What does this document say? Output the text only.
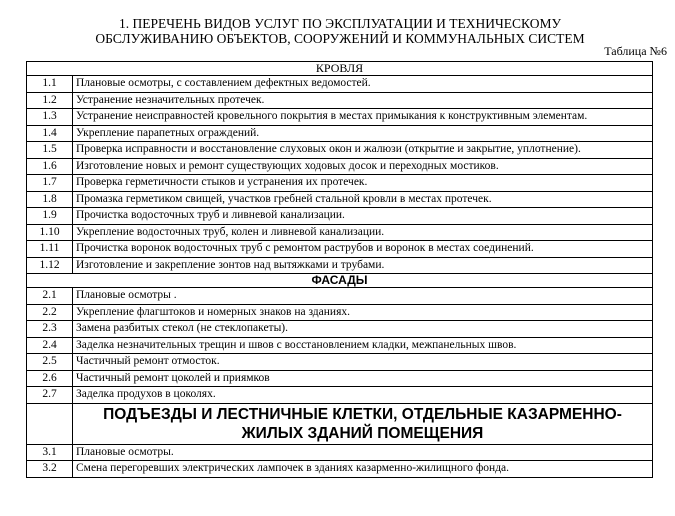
1. ПЕРЕЧЕНЬ ВИДОВ УСЛУГ ПО ЭКСПЛУАТАЦИИ И ТЕХНИЧЕСКОМУ
ОБСЛУЖИВАНИЮ ОБЪЕКТОВ, СООРУЖЕНИЙ И КОММУНАЛЬНЫХ СИСТЕМ
Таблица №6
КРОВЛЯ	
1.1	Плановые осмотры, с составлением дефектных ведомостей.
1.2	Устранение незначительных протечек.
1.3	Устранение неисправностей кровельного покрытия в местах примыкания к конструктивным элементам.
1.4	Укрепление парапетных ограждений.
1.5	Проверка исправности и восстановление слуховых окон и жалюзи (открытие и закрытие, уплотнение).
1.6	Изготовление новых и ремонт существующих ходовых досок и переходных мостиков.
1.7	Проверка герметичности стыков и устранения их протечек.
1.8	Промазка герметиком свищей, участков гребней стальной кровли в местах протечек.
1.9	Прочистка водосточных труб и ливневой канализации.
1.10	Укрепление водосточных труб, колен и ливневой канализации.
1.11	Прочистка воронок водосточных труб с ремонтом раструбов и воронок в местах соединений.
1.12	Изготовление и закрепление зонтов над вытяжками и трубами.
ФАСАДЫ	
2.1	Плановые осмотры .
2.2	Укрепление флагштоков и номерных знаков на зданиях.
2.3	Замена разбитых стекол (не стеклопакеты).
2.4	Заделка незначительных трещин и швов с восстановлением кладки, межпанельных швов.
2.5	Частичный ремонт отмосток.
2.6	Частичный ремонт цоколей и приямков
2.7	Заделка продухов в цоколях.
	ПОДЪЕЗДЫ И ЛЕСТНИЧНЫЕ КЛЕТКИ, ОТДЕЛЬНЫЕ КАЗАРМЕННО-ЖИЛЫХ ЗДАНИЙ ПОМЕЩЕНИЯ
3.1	Плановые осмотры.
3.2	Смена перегоревших электрических лампочек в зданиях казарменно-жилищного фонда.
